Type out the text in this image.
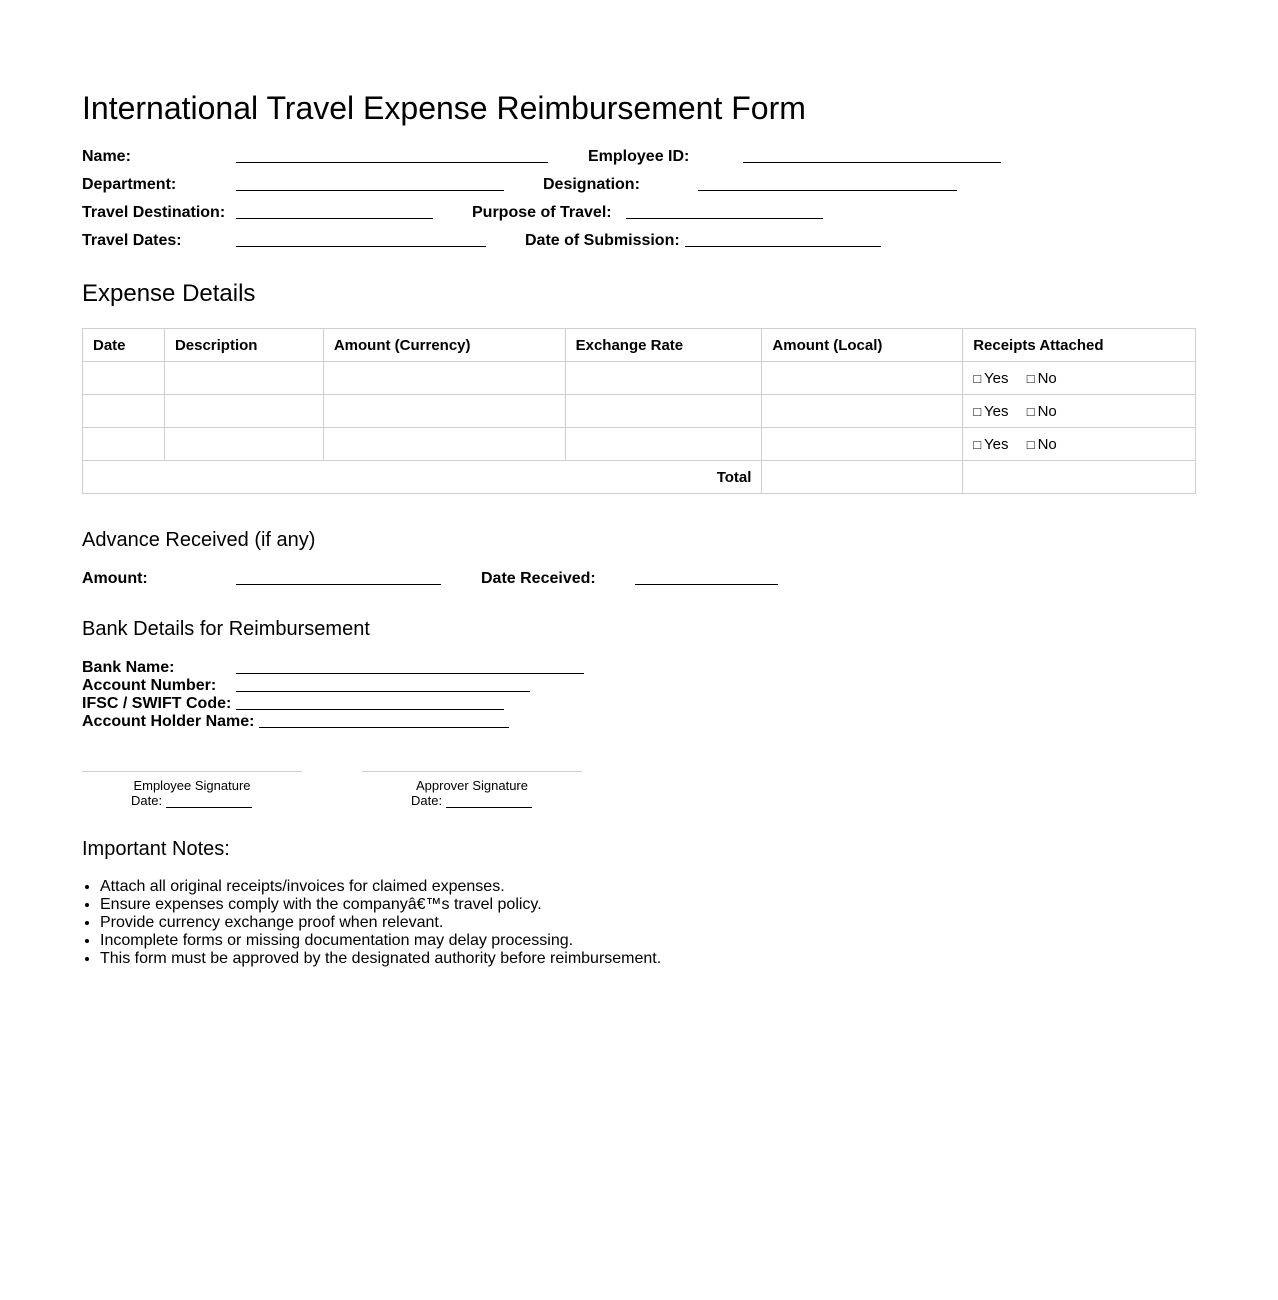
International Travel Expense Reimbursement Form
Name:	Employee ID:
Department:	Designation:
Travel Destination:	Purpose of Travel:
Travel Dates:	Date of Submission:
Expense Details
Date	Description	Amount (Currency)	Exchange Rate	Amount (Local)	Receipts Attached
					□ Yes □ No
					□ Yes □ No
					□ Yes □ No
Total					
Advance Received (if any)
Amount:	Date Received:
Bank Details for Reimbursement
Bank Name:
Account Number:
IFSC / SWIFT Code:
Account Holder Name:
Employee Signature
Date:
Approver Signature
Date:
Important Notes:
• Attach all original receipts/invoices for claimed expenses.
• Ensure expenses comply with the companyâ€™s travel policy.
• Provide currency exchange proof when relevant.
• Incomplete forms or missing documentation may delay processing.
• This form must be approved by the designated authority before reimbursement.
